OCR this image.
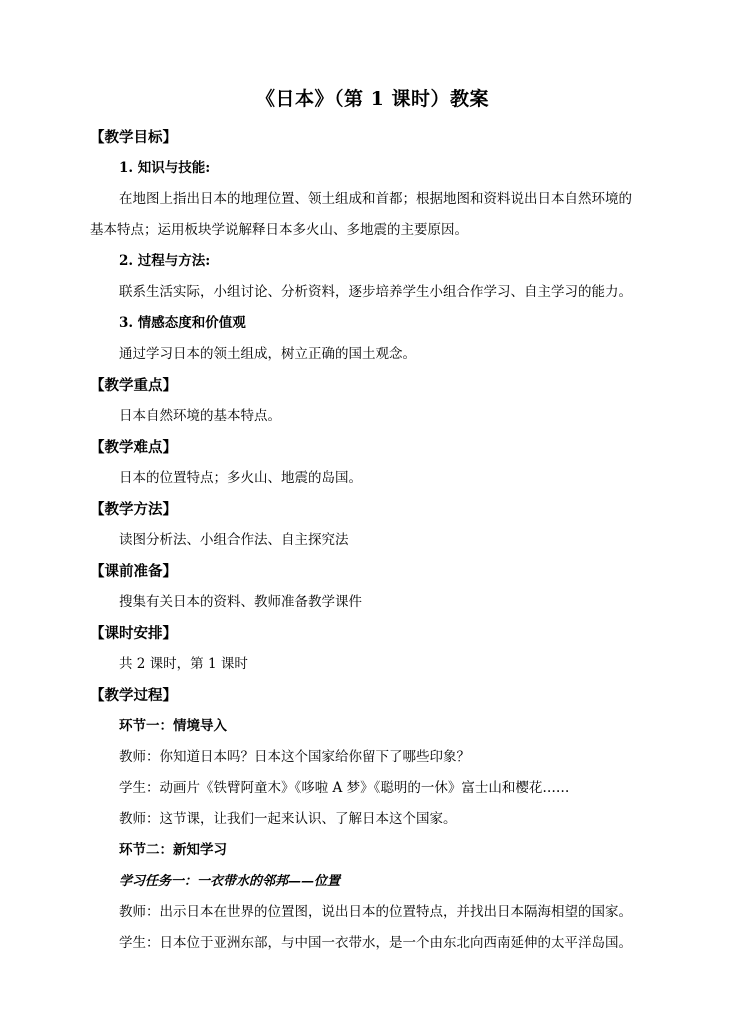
《日本》（第 1 课时）教案
【教学目标】
1. 知识与技能:
在地图上指出日本的地理位置、领土组成和首都；根据地图和资料说出日本自然环境的
基本特点；运用板块学说解释日本多火山、多地震的主要原因。
2. 过程与方法:
联系生活实际，小组讨论、分析资料，逐步培养学生小组合作学习、自主学习的能力。
3. 情感态度和价值观
通过学习日本的领土组成，树立正确的国土观念。
【教学重点】
日本自然环境的基本特点。
【教学难点】
日本的位置特点；多火山、地震的岛国。
【教学方法】
读图分析法、小组合作法、自主探究法
【课前准备】
搜集有关日本的资料、教师准备教学课件
【课时安排】
共 2 课时，第 1 课时
【教学过程】
环节一：情境导入
教师：你知道日本吗？日本这个国家给你留下了哪些印象？
学生：动画片《铁臂阿童木》《哆啦 A 梦》《聪明的一休》富士山和樱花……
教师：这节课，让我们一起来认识、了解日本这个国家。
环节二：新知学习
学习任务一：一衣带水的邻邦——位置
教师：出示日本在世界的位置图，说出日本的位置特点，并找出日本隔海相望的国家。
学生：日本位于亚洲东部，与中国一衣带水，是一个由东北向西南延伸的太平洋岛国。
